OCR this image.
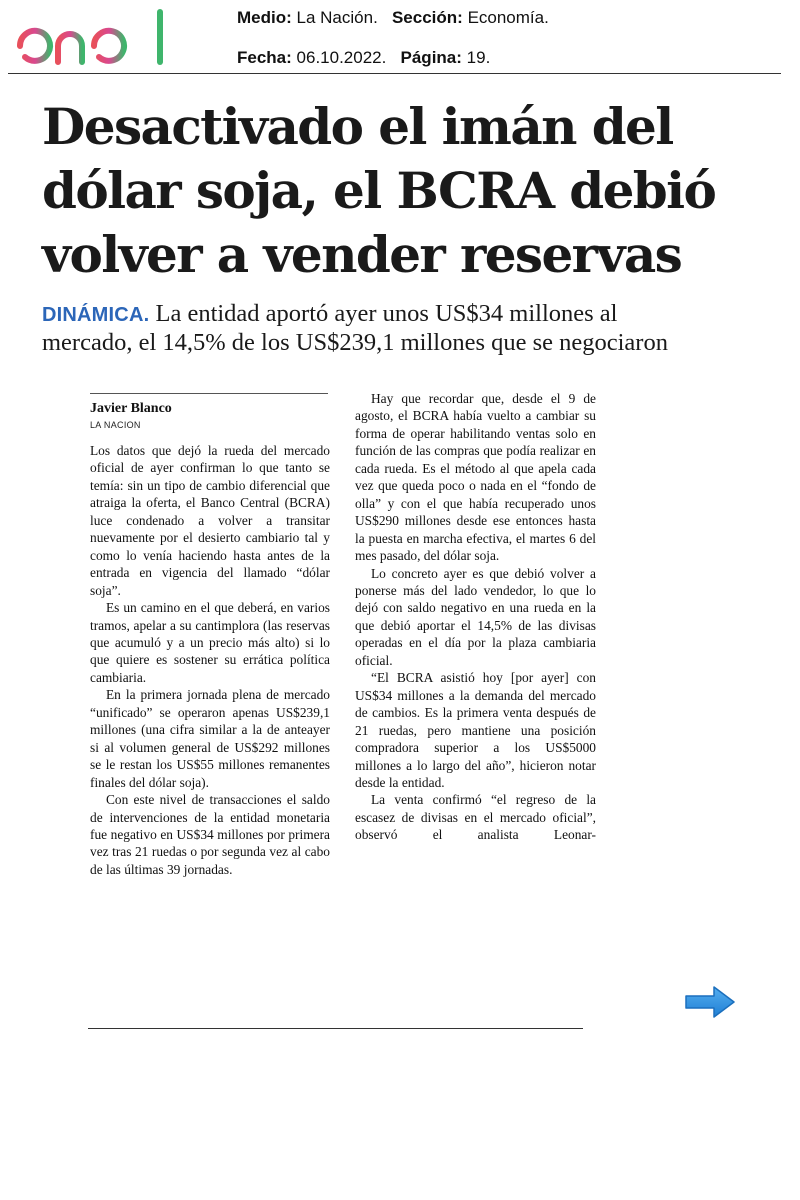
Medio: La Nación. Sección: Economía.
Fecha: 06.10.2022. Página: 19.
Desactivado el imán del
dólar soja, el BCRA debió
volver a vender reservas
DINÁMICA. La entidad aportó ayer unos US$34 millones al
mercado, el 14,5% de los US$239,1 millones que se negociaron
Javier Blanco
LA NACION

Los datos que dejó la rueda del mercado oficial de ayer confirman lo que tanto se temía: sin un tipo de cambio diferencial que atraiga la oferta, el Banco Central (BCRA) luce condenado a volver a transitar nuevamente por el desierto cambiario tal y como lo venía haciendo hasta antes de la entrada en vigencia del llamado “dólar soja”.

Es un camino en el que deberá, en varios tramos, apelar a su cantimplora (las reservas que acumuló y a un precio más alto) si lo que quiere es sostener su errática política cambiaria.

En la primera jornada plena de mercado “unificado” se operaron apenas US$239,1 millones (una cifra similar a la de anteayer si al volumen general de US$292 millones se le restan los US$55 millones remanentes finales del dólar soja).

Con este nivel de transacciones el saldo de intervenciones de la entidad monetaria fue negativo en US$34 millones por primera vez tras 21 ruedas o por segunda vez al cabo de las últimas 39 jornadas.

Hay que recordar que, desde el 9 de agosto, el BCRA había vuelto a cambiar su forma de operar habilitando ventas solo en función de las compras que podía realizar en cada rueda. Es el método al que apela cada vez que queda poco o nada en el “fondo de olla” y con el que había recuperado unos US$290 millones desde ese entonces hasta la puesta en marcha efectiva, el martes 6 del mes pasado, del dólar soja.

Lo concreto ayer es que debió volver a ponerse más del lado vendedor, lo que lo dejó con saldo negativo en una rueda en la que debió aportar el 14,5% de las divisas operadas en el día por la plaza cambiaria oficial.

“El BCRA asistió hoy [por ayer] con US$34 millones a la demanda del mercado de cambios. Es la primera venta después de 21 ruedas, pero mantiene una posición compradora superior a los US$5000 millones a lo largo del año”, hicieron notar desde la entidad.

La venta confirmó “el regreso de la escasez de divisas en el mercado oficial”, observó el analista Leonar-
